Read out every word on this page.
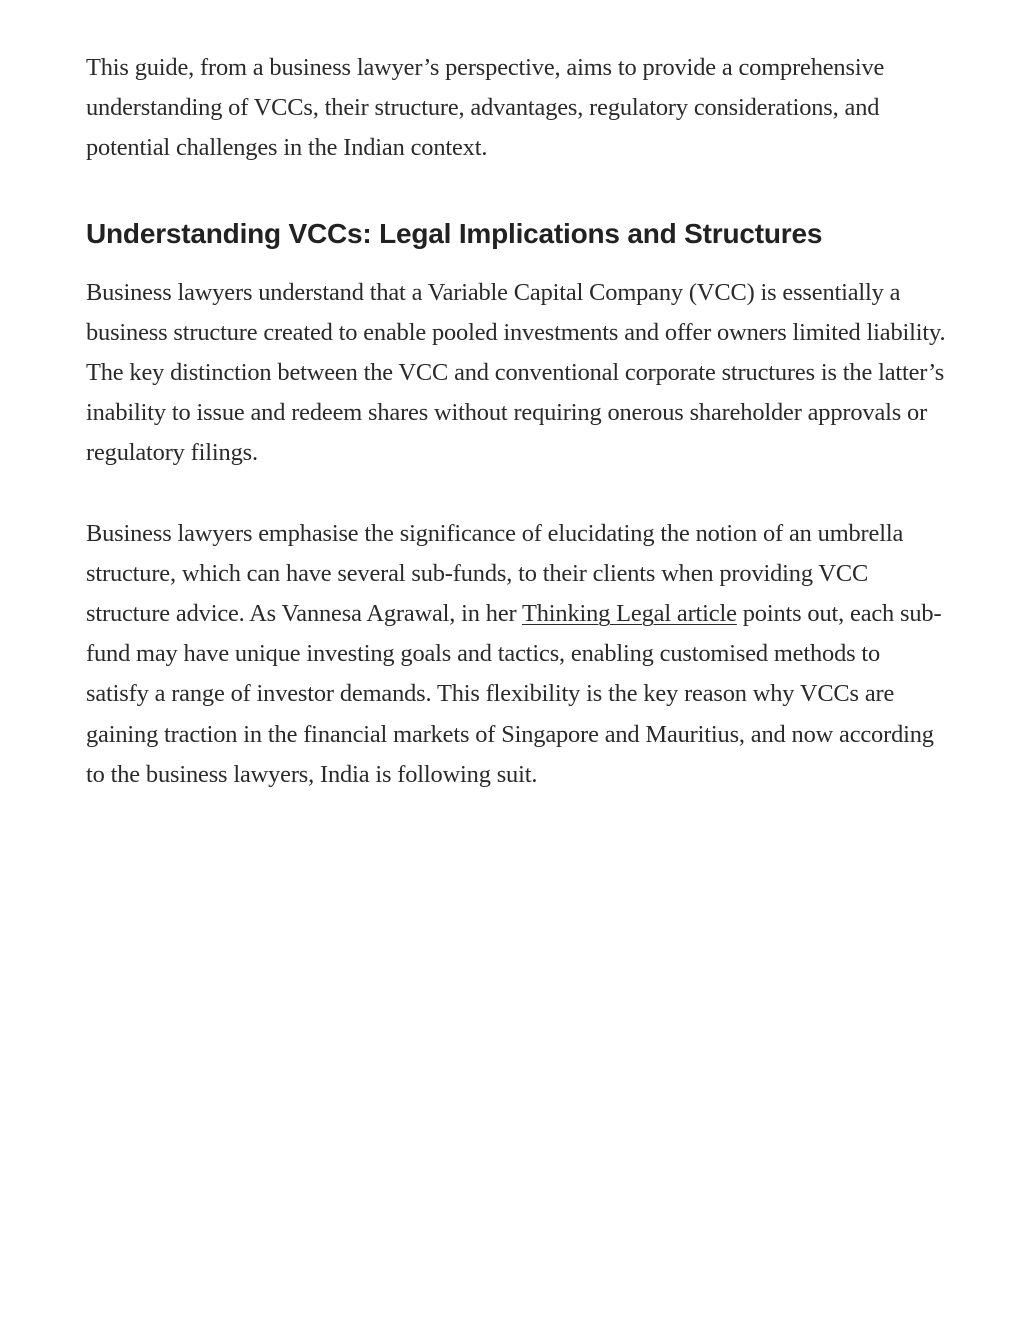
This guide, from a business lawyer’s perspective, aims to provide a comprehensive understanding of VCCs, their structure, advantages, regulatory considerations, and potential challenges in the Indian context.

Understanding VCCs: Legal Implications and Structures

Business lawyers understand that a Variable Capital Company (VCC) is essentially a business structure created to enable pooled investments and offer owners limited liability. The key distinction between the VCC and conventional corporate structures is the latter’s inability to issue and redeem shares without requiring onerous shareholder approvals or regulatory filings.

Business lawyers emphasise the significance of elucidating the notion of an umbrella structure, which can have several sub-funds, to their clients when providing VCC structure advice. As Vannesa Agrawal, in her Thinking Legal article points out, each sub-fund may have unique investing goals and tactics, enabling customised methods to satisfy a range of investor demands. This flexibility is the key reason why VCCs are gaining traction in the financial markets of Singapore and Mauritius, and now according to the business lawyers, India is following suit.
